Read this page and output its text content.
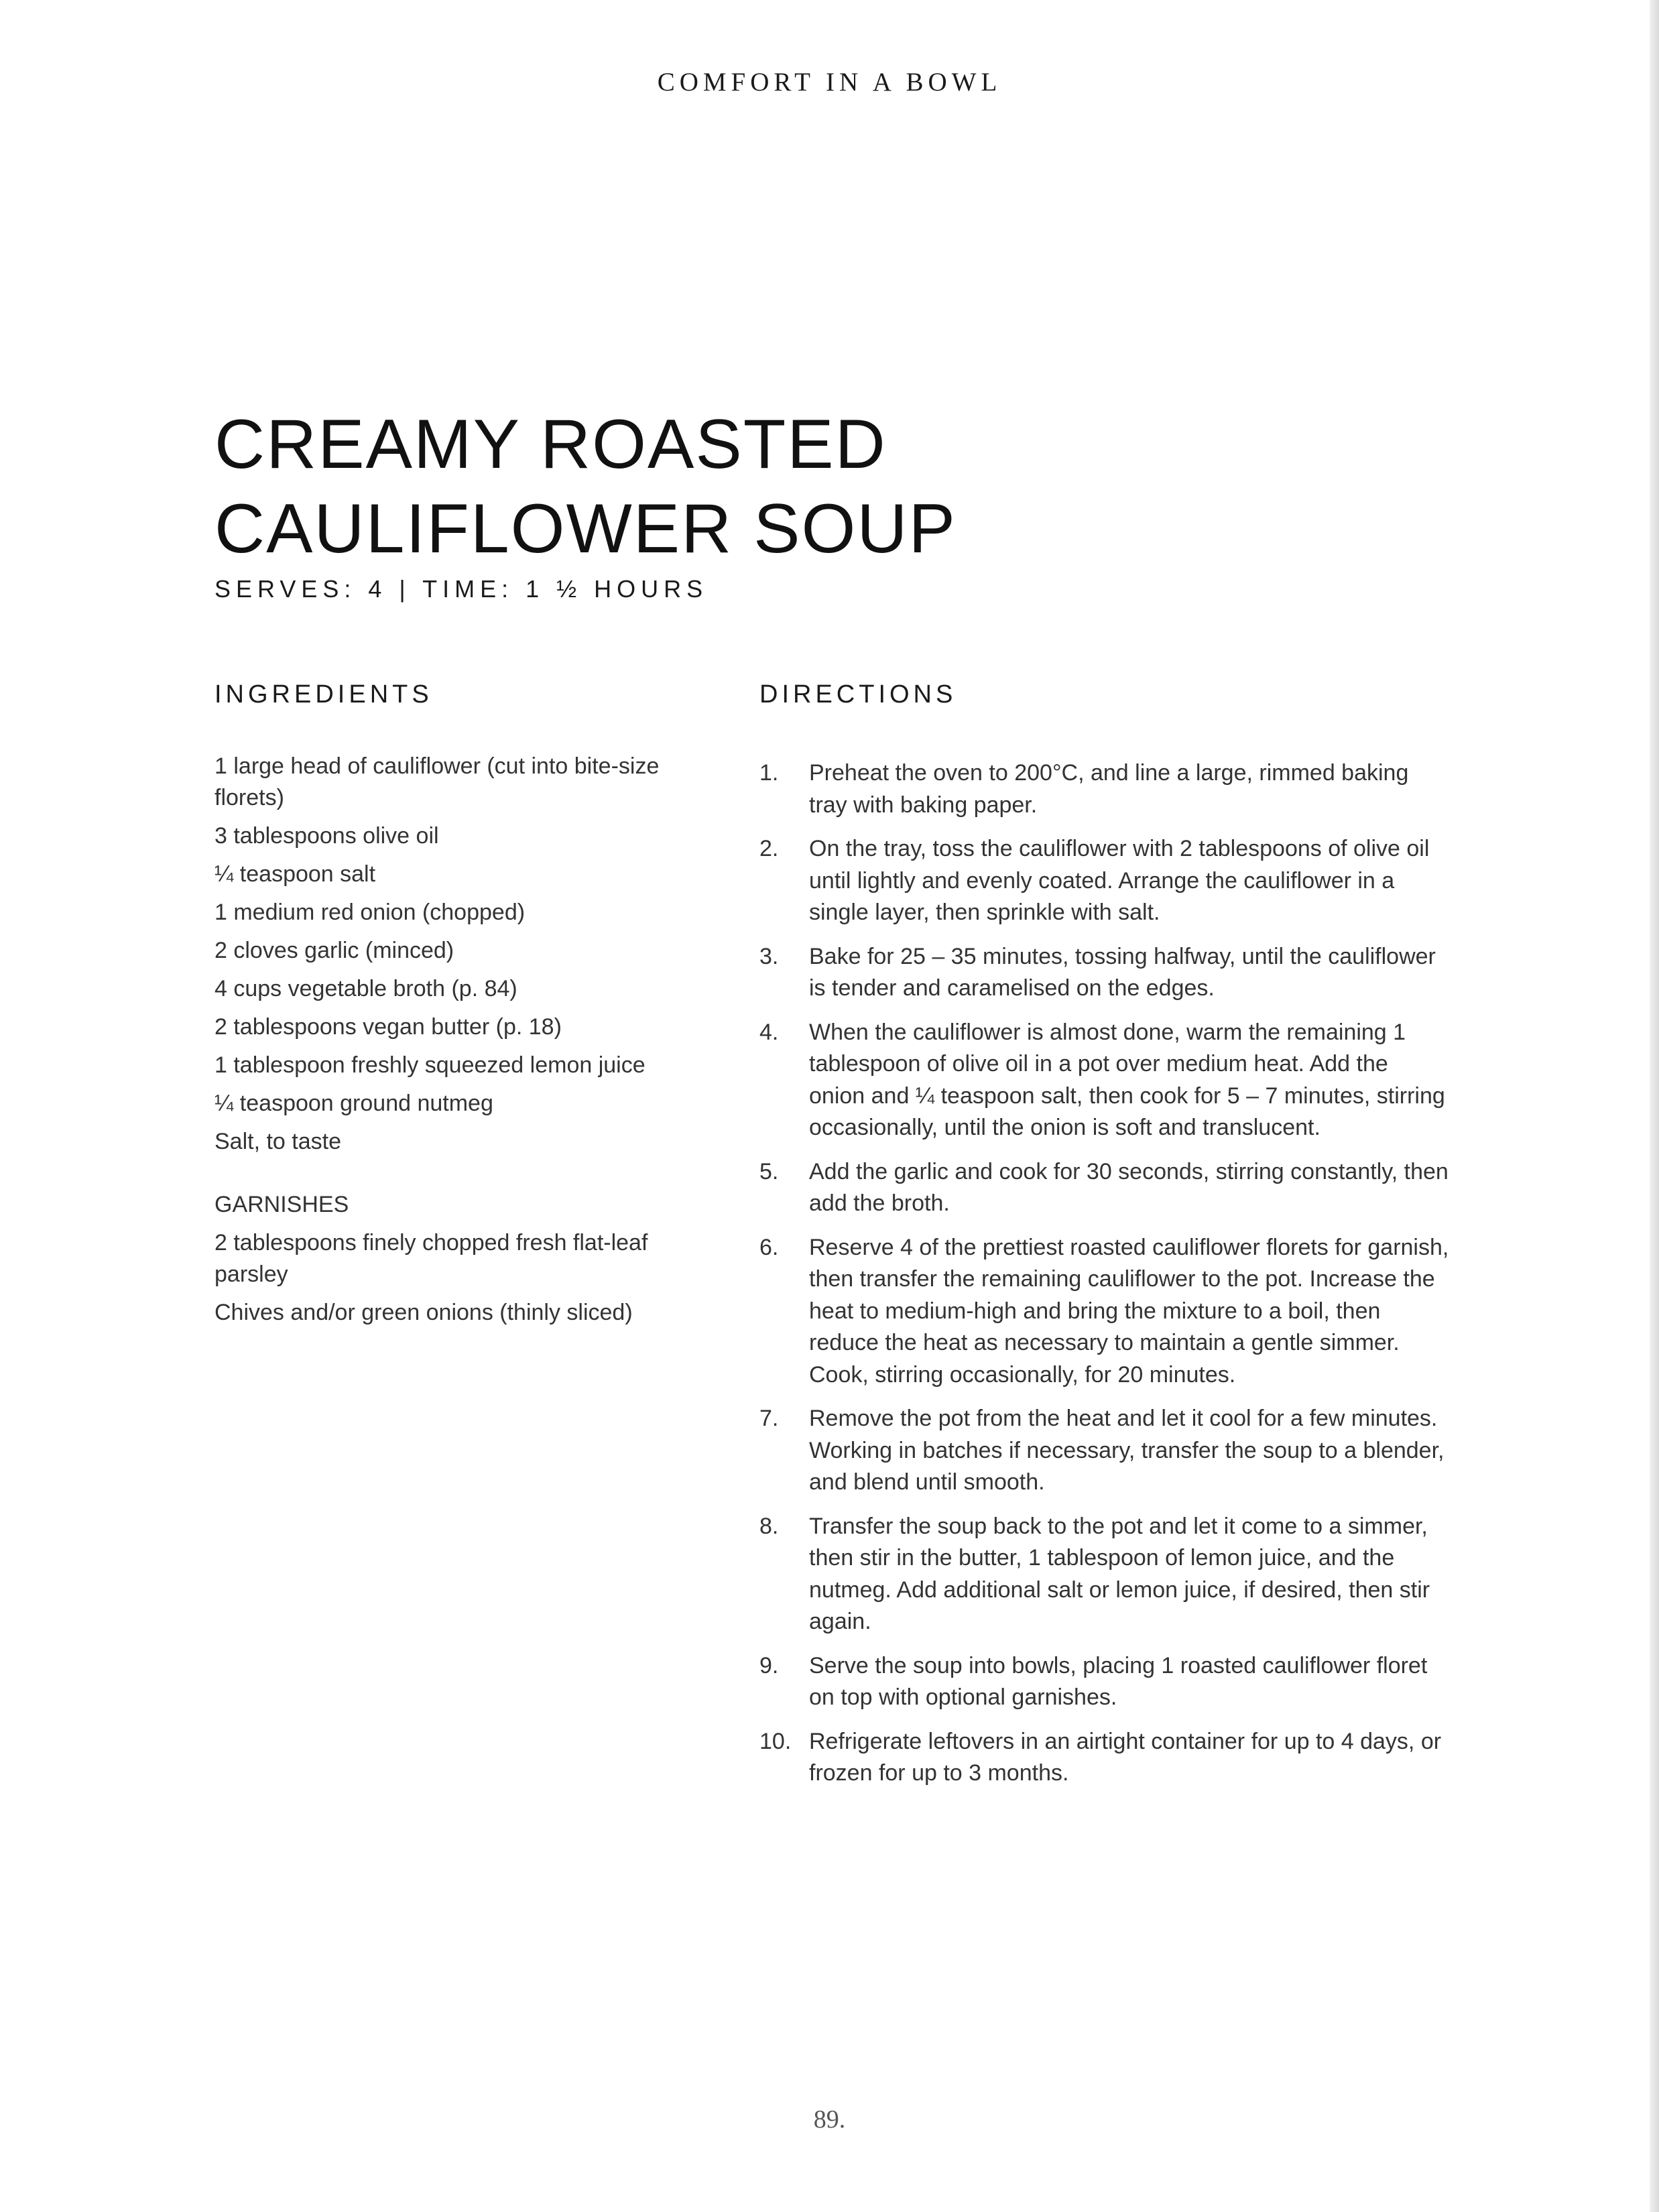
COMFORT IN A BOWL
CREAMY ROASTED
CAULIFLOWER SOUP
SERVES: 4 | TIME: 1 ½ HOURS
INGREDIENTS	DIRECTIONS
1 large head of cauliflower (cut into bite-size florets)
3 tablespoons olive oil
¼ teaspoon salt
1 medium red onion (chopped)
2 cloves garlic (minced)
4 cups vegetable broth (p. 84)
2 tablespoons vegan butter (p. 18)
1 tablespoon freshly squeezed lemon juice
¼ teaspoon ground nutmeg
Salt, to taste
GARNISHES
2 tablespoons finely chopped fresh flat-leaf parsley
Chives and/or green onions (thinly sliced)
1.	Preheat the oven to 200°C, and line a large, rimmed baking tray with baking paper.
2.	On the tray, toss the cauliflower with 2 tablespoons of olive oil until lightly and evenly coated. Arrange the cauliflower in a single layer, then sprinkle with salt.
3.	Bake for 25 – 35 minutes, tossing halfway, until the cauliflower is tender and caramelised on the edges.
4.	When the cauliflower is almost done, warm the remaining 1 tablespoon of olive oil in a pot over medium heat. Add the onion and ¼ teaspoon salt, then cook for 5 – 7 minutes, stirring occasionally, until the onion is soft and translucent.
5.	Add the garlic and cook for 30 seconds, stirring constantly, then add the broth.
6.	Reserve 4 of the prettiest roasted cauliflower florets for garnish, then transfer the remaining cauliflower to the pot. Increase the heat to medium-high and bring the mixture to a boil, then reduce the heat as necessary to maintain a gentle simmer. Cook, stirring occasionally, for 20 minutes.
7.	Remove the pot from the heat and let it cool for a few minutes. Working in batches if necessary, transfer the soup to a blender, and blend until smooth.
8.	Transfer the soup back to the pot and let it come to a simmer, then stir in the butter, 1 tablespoon of lemon juice, and the nutmeg. Add additional salt or lemon juice, if desired, then stir again.
9.	Serve the soup into bowls, placing 1 roasted cauliflower floret on top with optional garnishes.
10. Refrigerate leftovers in an airtight container for up to 4 days, or frozen for up to 3 months.
89.
